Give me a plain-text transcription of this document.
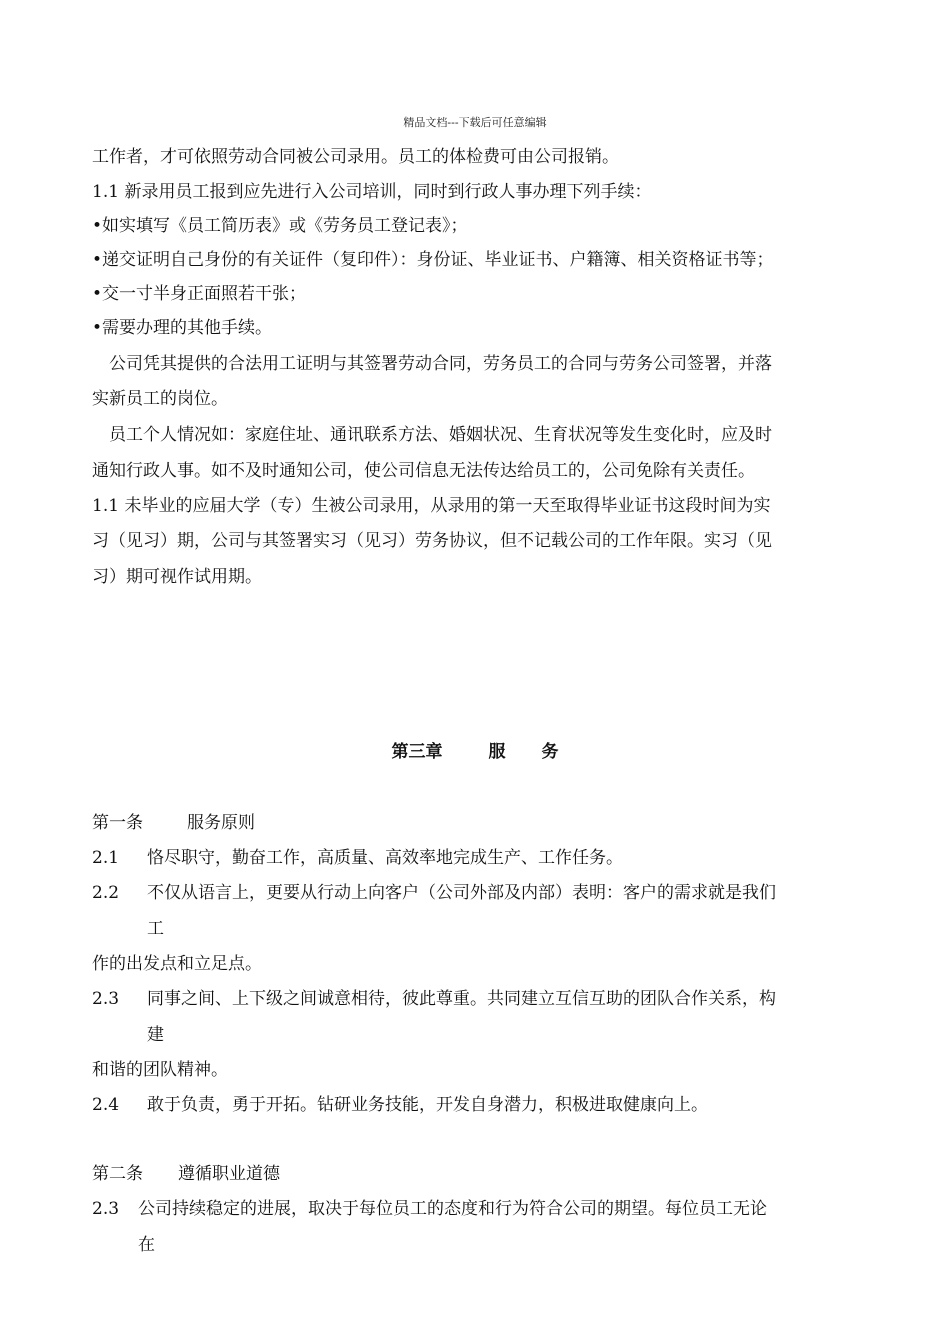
精品文档---下载后可任意编辑
工作者，才可依照劳动合同被公司录用。员工的体检费可由公司报销。
1.1 新录用员工报到应先进行入公司培训，同时到行政人事办理下列手续：
•如实填写《员工简历表》或《劳务员工登记表》；
•递交证明自己身份的有关证件（复印件）：身份证、毕业证书、户籍簿、相关资格证书等；
•交一寸半身正面照若干张；
•需要办理的其他手续。
公司凭其提供的合法用工证明与其签署劳动合同，劳务员工的合同与劳务公司签署，并落
实新员工的岗位。
员工个人情况如：家庭住址、通讯联系方法、婚姻状况、生育状况等发生变化时，应及时
通知行政人事。如不及时通知公司，使公司信息无法传达给员工的，公司免除有关责任。
1.1 未毕业的应届大学（专）生被公司录用，从录用的第一天至取得毕业证书这段时间为实
习（见习）期，公司与其签署实习（见习）劳务协议，但不记载公司的工作年限。实习（见
习）期可视作试用期。
第三章	服 务
第一条	服务原则
2.1 恪尽职守，勤奋工作，高质量、高效率地完成生产、工作任务。
2.2 不仅从语言上，更要从行动上向客户（公司外部及内部）表明：客户的需求就是我们
工
作的出发点和立足点。
2.3 同事之间、上下级之间诚意相待，彼此尊重。共同建立互信互助的团队合作关系，构
建
和谐的团队精神。
2.4 敢于负责，勇于开拓。钻研业务技能，开发自身潜力，积极进取健康向上。
第二条 遵循职业道德
2.3 公司持续稳定的进展，取决于每位员工的态度和行为符合公司的期望。每位员工无论
在
